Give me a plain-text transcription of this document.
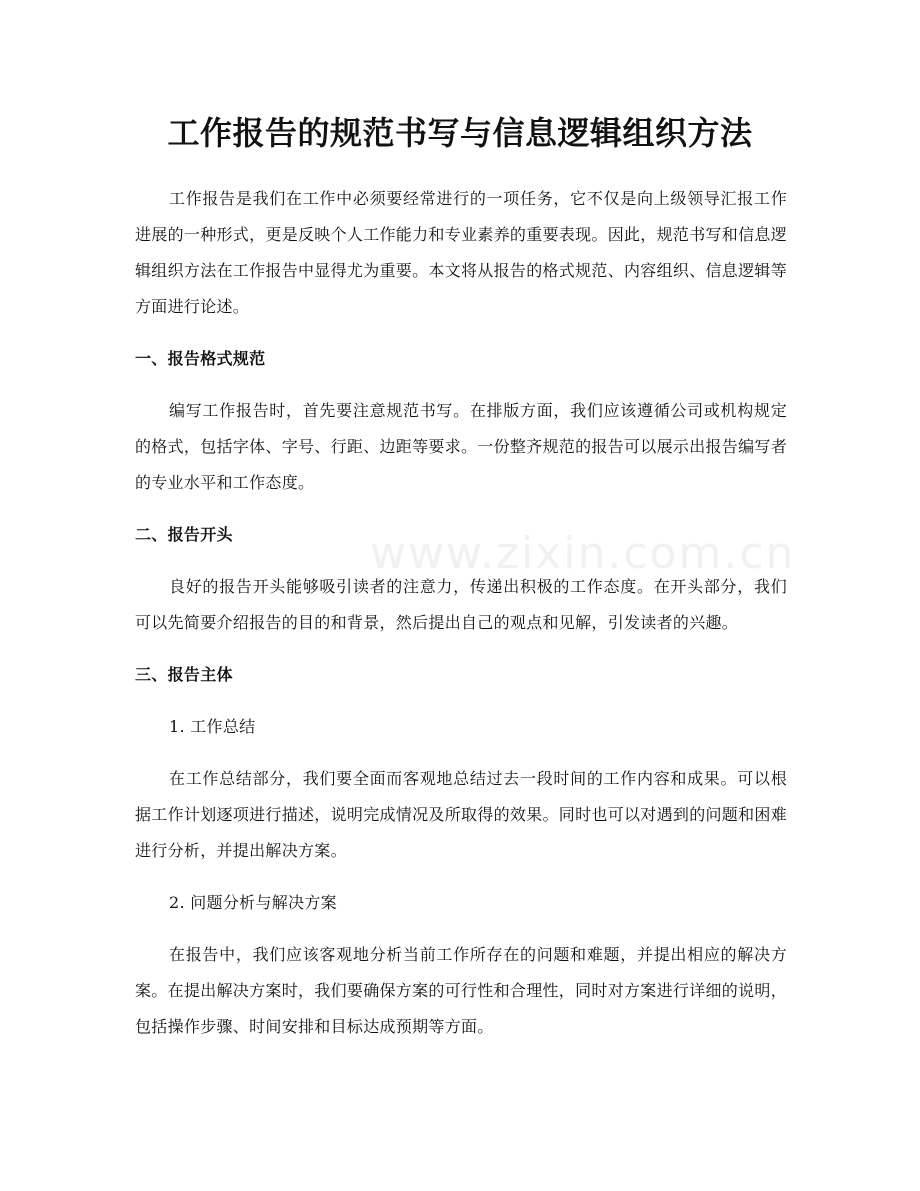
www.zixin.com.cn
工作报告的规范书写与信息逻辑组织方法

工作报告是我们在工作中必须要经常进行的一项任务，它不仅是向上级领导汇报工作进展的一种形式，更是反映个人工作能力和专业素养的重要表现。因此，规范书写和信息逻辑组织方法在工作报告中显得尤为重要。本文将从报告的格式规范、内容组织、信息逻辑等方面进行论述。

一、报告格式规范

编写工作报告时，首先要注意规范书写。在排版方面，我们应该遵循公司或机构规定的格式，包括字体、字号、行距、边距等要求。一份整齐规范的报告可以展示出报告编写者的专业水平和工作态度。

二、报告开头

良好的报告开头能够吸引读者的注意力，传递出积极的工作态度。在开头部分，我们可以先简要介绍报告的目的和背景，然后提出自己的观点和见解，引发读者的兴趣。

三、报告主体

1. 工作总结

在工作总结部分，我们要全面而客观地总结过去一段时间的工作内容和成果。可以根据工作计划逐项进行描述，说明完成情况及所取得的效果。同时也可以对遇到的问题和困难进行分析，并提出解决方案。

2. 问题分析与解决方案

在报告中，我们应该客观地分析当前工作所存在的问题和难题，并提出相应的解决方案。在提出解决方案时，我们要确保方案的可行性和合理性，同时对方案进行详细的说明，包括操作步骤、时间安排和目标达成预期等方面。
